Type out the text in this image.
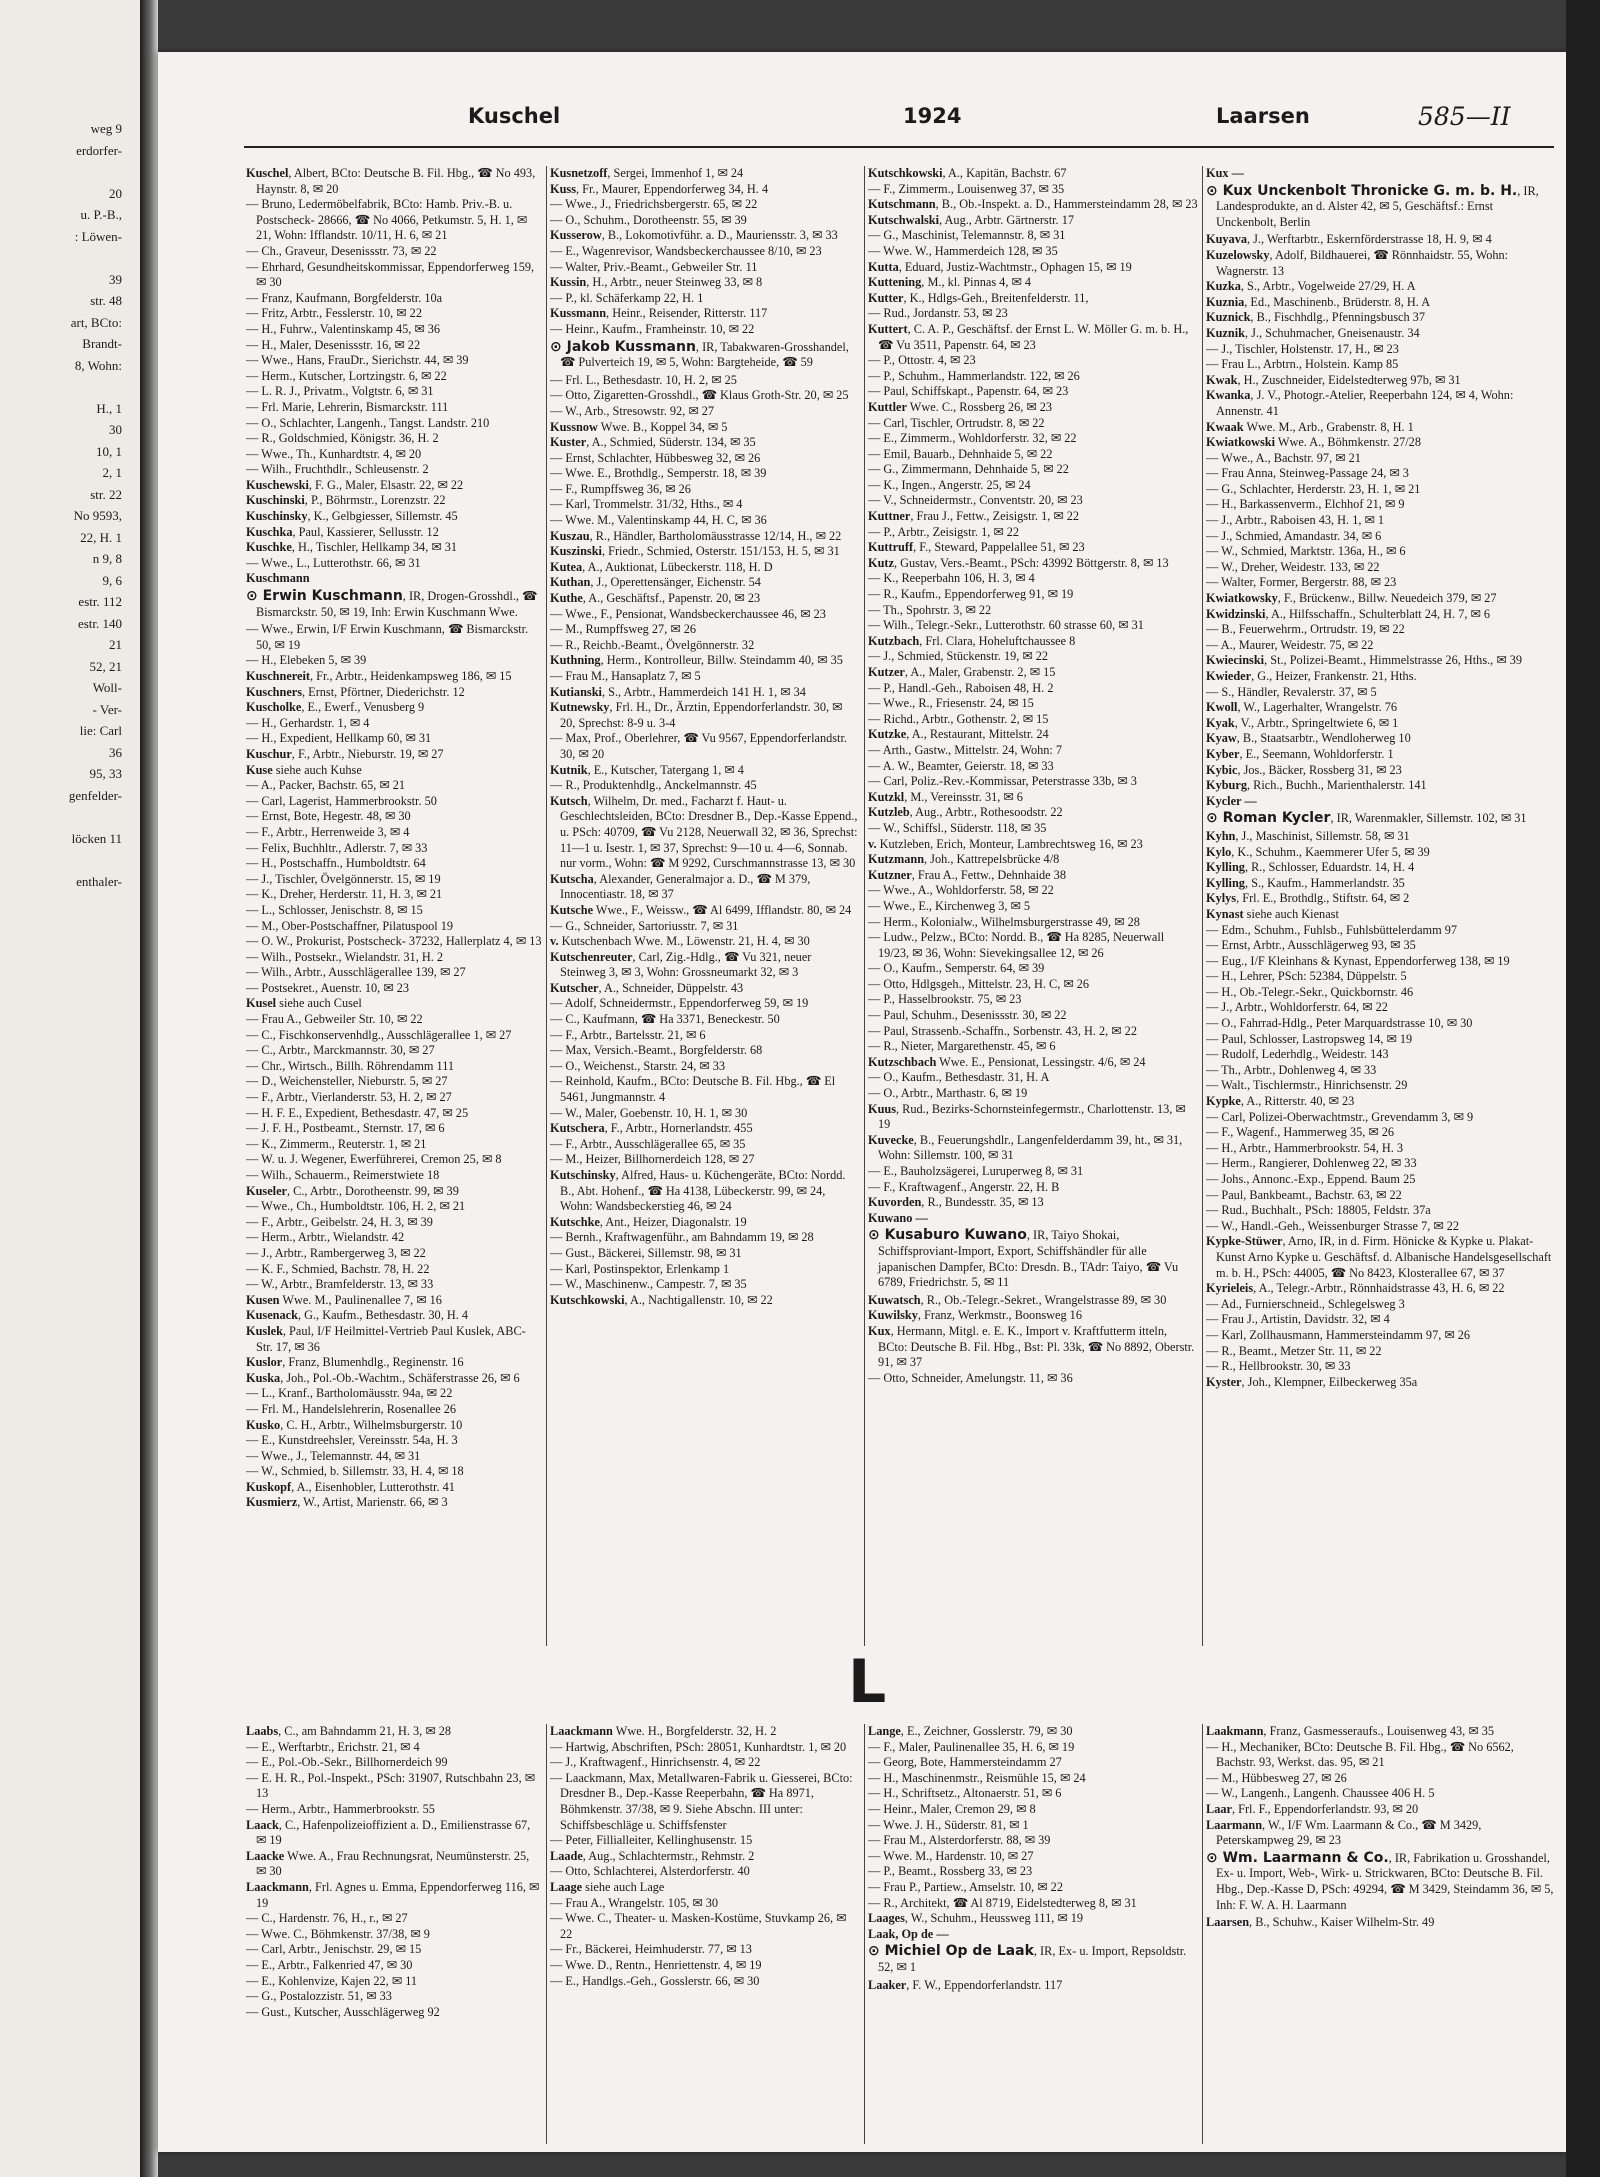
weg 9
erdorfer-

20
u. P.-B.,
: Löwen-

39
str. 48
art, BCto:
Brandt-
8, Wohn:

H., 1
30
10, 1
2, 1
str. 22
No 9593,
22, H. 1
n 9, 8
9, 6
estr. 112
estr. 140
21
52, 21
Woll-
- Ver-
lie: Carl
36
95, 33
genfelder-

löcken 11

enthaler-
Kuschel	1924	Laarsen	585—II

Kuschel, Albert, BCto: Deutsche B. Fil. Hbg., ☎ No 493, Haynstr. 8, ✉ 20

— Bruno, Ledermöbelfabrik, BCto: Hamb. Priv.-B. u. Postscheck- 28666, ☎ No 4066, Petkumstr. 5, H. 1, ✉ 21, Wohn: Ifflandstr. 10/11, H. 6, ✉ 21

— Ch., Graveur, Desenissstr. 73, ✉ 22

— Ehrhard, Gesundheitskommissar, Eppendorferweg 159, ✉ 30

— Franz, Kaufmann, Borgfelderstr. 10a

— Fritz, Arbtr., Fesslerstr. 10, ✉ 22

— H., Fuhrw., Valentinskamp 45, ✉ 36

— H., Maler, Desenissstr. 16, ✉ 22

— Wwe., Hans, FrauDr., Sierichstr. 44, ✉ 39

— Herm., Kutscher, Lortzingstr. 6, ✉ 22

— L. R. J., Privatm., Volgtstr. 6, ✉ 31

— Frl. Marie, Lehrerin, Bismarckstr. 111

— O., Schlachter, Langenh., Tangst. Landstr. 210

— R., Goldschmied, Königstr. 36, H. 2

— Wwe., Th., Kunhardtstr. 4, ✉ 20

— Wilh., Fruchthdlr., Schleusenstr. 2

Kuschewski, F. G., Maler, Elsastr. 22, ✉ 22

Kuschinski, P., Böhrmstr., Lorenzstr. 22

Kuschinsky, K., Gelbgiesser, Sillemstr. 45

Kuschka, Paul, Kassierer, Sellusstr. 12

Kuschke, H., Tischler, Hellkamp 34, ✉ 31

— Wwe., L., Lutterothstr. 66, ✉ 31

Kuschmann

⊙ Erwin Kuschmann, IR, Drogen-Grosshdl., ☎ Bismarckstr. 50, ✉ 19, Inh: Erwin Kuschmann Wwe.

— Wwe., Erwin, I/F Erwin Kuschmann, ☎ Bismarckstr. 50, ✉ 19

— H., Elebeken 5, ✉ 39

Kuschnereit, Fr., Arbtr., Heidenkampsweg 186, ✉ 15

Kuschners, Ernst, Pförtner, Diederichstr. 12

Kuscholke, E., Ewerf., Venusberg 9

— H., Gerhardstr. 1, ✉ 4

— H., Expedient, Hellkamp 60, ✉ 31

Kuschur, F., Arbtr., Nieburstr. 19, ✉ 27

Kuse siehe auch Kuhse

— A., Packer, Bachstr. 65, ✉ 21

— Carl, Lagerist, Hammerbrookstr. 50

— Ernst, Bote, Hegestr. 48, ✉ 30

— F., Arbtr., Herrenweide 3, ✉ 4

— Felix, Buchhltr., Adlerstr. 7, ✉ 33

— H., Postschaffn., Humboldtstr. 64

— J., Tischler, Övelgönnerstr. 15, ✉ 19

— K., Dreher, Herderstr. 11, H. 3, ✉ 21

— L., Schlosser, Jenischstr. 8, ✉ 15

— M., Ober-Postschaffner, Pilatuspool 19

— O. W., Prokurist, Postscheck- 37232, Hallerplatz 4, ✉ 13

— Wilh., Postsekr., Wielandstr. 31, H. 2

— Wilh., Arbtr., Ausschlägerallee 139, ✉ 27

— Postsekret., Auenstr. 10, ✉ 23

Kusel siehe auch Cusel

— Frau A., Gebweiler Str. 10, ✉ 22

— C., Fischkonservenhdlg., Ausschlägerallee 1, ✉ 27

— C., Arbtr., Marckmannstr. 30, ✉ 27

— Chr., Wirtsch., Billh. Röhrendamm 111

— D., Weichensteller, Nieburstr. 5, ✉ 27

— F., Arbtr., Vierlanderstr. 53, H. 2, ✉ 27

— H. F. E., Expedient, Bethesdastr. 47, ✉ 25

— J. F. H., Postbeamt., Sternstr. 17, ✉ 6

— K., Zimmerm., Reuterstr. 1, ✉ 21

— W. u. J. Wegener, Ewerführerei, Cremon 25, ✉ 8

— Wilh., Schauerm., Reimerstwiete 18

Kuseler, C., Arbtr., Dorotheenstr. 99, ✉ 39

— Wwe., Ch., Humboldtstr. 106, H. 2, ✉ 21

— F., Arbtr., Geibelstr. 24, H. 3, ✉ 39

— Herm., Arbtr., Wielandstr. 42

— J., Arbtr., Rambergerweg 3, ✉ 22

— K. F., Schmied, Bachstr. 78, H. 22

— W., Arbtr., Bramfelderstr. 13, ✉ 33

Kusen Wwe. M., Paulinenallee 7, ✉ 16

Kusenack, G., Kaufm., Bethesdastr. 30, H. 4

Kuslek, Paul, I/F Heilmittel-Vertrieb Paul Kuslek, ABC-Str. 17, ✉ 36

Kuslor, Franz, Blumenhdlg., Reginenstr. 16

Kuska, Joh., Pol.-Ob.-Wachtm., Schäferstrasse 26, ✉ 6

— L., Kranf., Bartholomäusstr. 94a, ✉ 22

— Frl. M., Handelslehrerin, Rosenallee 26

Kusko, C. H., Arbtr., Wilhelmsburgerstr. 10

— E., Kunstdreehsler, Vereinsstr. 54a, H. 3

— Wwe., J., Telemannstr. 44, ✉ 31

— W., Schmied, b. Sillemstr. 33, H. 4, ✉ 18

Kuskopf, A., Eisenhobler, Lutterothstr. 41

Kusmierz, W., Artist, Marienstr. 66, ✉ 3

Kusnetzoff, Sergei, Immenhof 1, ✉ 24

Kuss, Fr., Maurer, Eppendorferweg 34, H. 4

— Wwe., J., Friedrichsbergerstr. 65, ✉ 22

— O., Schuhm., Dorotheenstr. 55, ✉ 39

Kusserow, B., Lokomotivführ. a. D., Mauriensstr. 3, ✉ 33

— E., Wagenrevisor, Wandsbeckerchaussee 8/10, ✉ 23

— Walter, Priv.-Beamt., Gebweiler Str. 11

Kussin, H., Arbtr., neuer Steinweg 33, ✉ 8

— P., kl. Schäferkamp 22, H. 1

Kussmann, Heinr., Reisender, Ritterstr. 117

— Heinr., Kaufm., Framheinstr. 10, ✉ 22

⊙ Jakob Kussmann, IR, Tabakwaren-Grosshandel, ☎ Pulverteich 19, ✉ 5, Wohn: Bargteheide, ☎ 59

— Frl. L., Bethesdastr. 10, H. 2, ✉ 25

— Otto, Zigaretten-Grosshdl., ☎ Klaus Groth-Str. 20, ✉ 25

— W., Arb., Stresowstr. 92, ✉ 27

Kussnow Wwe. B., Koppel 34, ✉ 5

Kuster, A., Schmied, Süderstr. 134, ✉ 35

— Ernst, Schlachter, Hübbesweg 32, ✉ 26

— Wwe. E., Brothdlg., Semperstr. 18, ✉ 39

— F., Rumpffsweg 36, ✉ 26

— Karl, Trommelstr. 31/32, Hths., ✉ 4

— Wwe. M., Valentinskamp 44, H. C, ✉ 36

Kuszau, R., Händler, Bartholomäusstrasse 12/14, H., ✉ 22

Kuszinski, Friedr., Schmied, Osterstr. 151/153, H. 5, ✉ 31

Kutea, A., Auktionat, Lübeckerstr. 118, H. D

Kuthan, J., Operettensänger, Eichenstr. 54

Kuthe, A., Geschäftsf., Papenstr. 20, ✉ 23

— Wwe., F., Pensionat, Wandsbeckerchaussee 46, ✉ 23

— M., Rumpffsweg 27, ✉ 26

— R., Reichb.-Beamt., Övelgönnerstr. 32

Kuthning, Herm., Kontrolleur, Billw. Steindamm 40, ✉ 35

— Frau M., Hansaplatz 7, ✉ 5

Kutianski, S., Arbtr., Hammerdeich 141 H. 1, ✉ 34

Kutnewsky, Frl. H., Dr., Ärztin, Eppendorferlandstr. 30, ✉ 20, Sprechst: 8-9 u. 3-4

— Max, Prof., Oberlehrer, ☎ Vu 9567, Eppendorferlandstr. 30, ✉ 20

Kutnik, E., Kutscher, Tatergang 1, ✉ 4

— R., Produktenhdlg., Anckelmannstr. 45

Kutsch, Wilhelm, Dr. med., Facharzt f. Haut- u. Geschlechtsleiden, BCto: Dresdner B., Dep.-Kasse Eppend., u. PSch: 40709, ☎ Vu 2128, Neuerwall 32, ✉ 36, Sprechst: 11—1 u. Isestr. 1, ✉ 37, Sprechst: 9—10 u. 4—6, Sonnab. nur vorm., Wohn: ☎ M 9292, Curschmannstrasse 13, ✉ 30

Kutscha, Alexander, Generalmajor a. D., ☎ M 379, Innocentiastr. 18, ✉ 37

Kutsche Wwe., F., Weissw., ☎ Al 6499, Ifflandstr. 80, ✉ 24

— G., Schneider, Sartoriusstr. 7, ✉ 31

v. Kutschenbach Wwe. M., Löwenstr. 21, H. 4, ✉ 30

Kutschenreuter, Carl, Zig.-Hdlg., ☎ Vu 321, neuer Steinweg 3, ✉ 3, Wohn: Grossneumarkt 32, ✉ 3

Kutscher, A., Schneider, Düppelstr. 43

— Adolf, Schneidermstr., Eppendorferweg 59, ✉ 19

— C., Kaufmann, ☎ Ha 3371, Beneckestr. 50

— F., Arbtr., Bartelsstr. 21, ✉ 6

— Max, Versich.-Beamt., Borgfelderstr. 68

— O., Weichenst., Starstr. 24, ✉ 33

— Reinhold, Kaufm., BCto: Deutsche B. Fil. Hbg., ☎ El 5461, Jungmannstr. 4

— W., Maler, Goebenstr. 10, H. 1, ✉ 30

Kutschera, F., Arbtr., Hornerlandstr. 455

— F., Arbtr., Ausschlägerallee 65, ✉ 35

— M., Heizer, Billhornerdeich 128, ✉ 27

Kutschinsky, Alfred, Haus- u. Küchengeräte, BCto: Nordd. B., Abt. Hohenf., ☎ Ha 4138, Lübeckerstr. 99, ✉ 24, Wohn: Wandsbeckerstieg 46, ✉ 24

Kutschke, Ant., Heizer, Diagonalstr. 19

— Bernh., Kraftwagenführ., am Bahndamm 19, ✉ 28

— Gust., Bäckerei, Sillemstr. 98, ✉ 31

— Karl, Postinspektor, Erlenkamp 1

— W., Maschinenw., Campestr. 7, ✉ 35

Kutschkowski, A., Nachtigallenstr. 10, ✉ 22

Kutschkowski, A., Kapitän, Bachstr. 67

— F., Zimmerm., Louisenweg 37, ✉ 35

Kutschmann, B., Ob.-Inspekt. a. D., Hammersteindamm 28, ✉ 23

Kutschwalski, Aug., Arbtr. Gärtnerstr. 17

— G., Maschinist, Telemannstr. 8, ✉ 31

— Wwe. W., Hammerdeich 128, ✉ 35

Kutta, Eduard, Justiz-Wachtmstr., Ophagen 15, ✉ 19

Kuttening, M., kl. Pinnas 4, ✉ 4

Kutter, K., Hdlgs-Geh., Breitenfelderstr. 11,

— Rud., Jordanstr. 53, ✉ 23

Kuttert, C. A. P., Geschäftsf. der Ernst L. W. Möller G. m. b. H., ☎ Vu 3511, Papenstr. 64, ✉ 23

— P., Ottostr. 4, ✉ 23

— P., Schuhm., Hammerlandstr. 122, ✉ 26

— Paul, Schiffskapt., Papenstr. 64, ✉ 23

Kuttler Wwe. C., Rossberg 26, ✉ 23

— Carl, Tischler, Ortrudstr. 8, ✉ 22

— E., Zimmerm., Wohldorferstr. 32, ✉ 22

— Emil, Bauarb., Dehnhaide 5, ✉ 22

— G., Zimmermann, Dehnhaide 5, ✉ 22

— K., Ingen., Angerstr. 25, ✉ 24

— V., Schneidermstr., Conventstr. 20, ✉ 23

Kuttner, Frau J., Fettw., Zeisigstr. 1, ✉ 22

— P., Arbtr., Zeisigstr. 1, ✉ 22

Kuttruff, F., Steward, Pappelallee 51, ✉ 23

Kutz, Gustav, Vers.-Beamt., PSch: 43992 Böttgerstr. 8, ✉ 13

— K., Reeperbahn 106, H. 3, ✉ 4

— R., Kaufm., Eppendorferweg 91, ✉ 19

— Th., Spohrstr. 3, ✉ 22

— Wilh., Telegr.-Sekr., Lutterothstr. 60 strasse 60, ✉ 31

Kutzbach, Frl. Clara, Hoheluftchaussee 8

— J., Schmied, Stückenstr. 19, ✉ 22

Kutzer, A., Maler, Grabenstr. 2, ✉ 15

— P., Handl.-Geh., Raboisen 48, H. 2

— Wwe., R., Friesenstr. 24, ✉ 15

— Richd., Arbtr., Gothenstr. 2, ✉ 15

Kutzke, A., Restaurant, Mittelstr. 24

— Arth., Gastw., Mittelstr. 24, Wohn: 7

— A. W., Beamter, Geierstr. 18, ✉ 33

— Carl, Poliz.-Rev.-Kommissar, Peterstrasse 33b, ✉ 3

Kutzkl, M., Vereinsstr. 31, ✉ 6

Kutzleb, Aug., Arbtr., Rothesoodstr. 22

— W., Schiffsl., Süderstr. 118, ✉ 35

v. Kutzleben, Erich, Monteur, Lambrechtsweg 16, ✉ 23

Kutzmann, Joh., Kattrepelsbrücke 4/8

Kutzner, Frau A., Fettw., Dehnhaide 38

— Wwe., A., Wohldorferstr. 58, ✉ 22

— Wwe., E., Kirchenweg 3, ✉ 5

— Herm., Kolonialw., Wilhelmsburgerstrasse 49, ✉ 28

— Ludw., Pelzw., BCto: Nordd. B., ☎ Ha 8285, Neuerwall 19/23, ✉ 36, Wohn: Sievekingsallee 12, ✉ 26

— O., Kaufm., Semperstr. 64, ✉ 39

— Otto, Hdlgsgeh., Mittelstr. 23, H. C, ✉ 26

— P., Hasselbrookstr. 75, ✉ 23

— Paul, Schuhm., Desenissstr. 30, ✉ 22

— Paul, Strassenb.-Schaffn., Sorbenstr. 43, H. 2, ✉ 22

— R., Nieter, Margarethenstr. 45, ✉ 6

Kutzschbach Wwe. E., Pensionat, Lessingstr. 4/6, ✉ 24

— O., Kaufm., Bethesdastr. 31, H. A

— O., Arbtr., Marthastr. 6, ✉ 19

Kuus, Rud., Bezirks-Schornsteinfegermstr., Charlottenstr. 13, ✉ 19

Kuvecke, B., Feuerungshdlr., Langenfelderdamm 39, ht., ✉ 31, Wohn: Sillemstr. 100, ✉ 31

— E., Bauholzsägerei, Luruperweg 8, ✉ 31

— F., Kraftwagenf., Angerstr. 22, H. B

Kuvorden, R., Bundesstr. 35, ✉ 13

Kuwano —

⊙ Kusaburo Kuwano, IR, Taiyo Shokai, Schiffsproviant-Import, Export, Schiffshändler für alle japanischen Dampfer, BCto: Dresdn. B., TAdr: Taiyo, ☎ Vu 6789, Friedrichstr. 5, ✉ 11

Kuwatsch, R., Ob.-Telegr.-Sekret., Wrangelstrasse 89, ✉ 30

Kuwilsky, Franz, Werkmstr., Boonsweg 16

Kux, Hermann, Mitgl. e. E. K., Import v. Kraftfutterm itteln, BCto: Deutsche B. Fil. Hbg., Bst: Pl. 33k, ☎ No 8892, Oberstr. 91, ✉ 37

— Otto, Schneider, Amelungstr. 11, ✉ 36

Kux —

⊙ Kux Unckenbolt Thronicke G. m. b. H., IR, Landesprodukte, an d. Alster 42, ✉ 5, Geschäftsf.: Ernst Unckenbolt, Berlin

Kuyava, J., Werftarbtr., Eskernförderstrasse 18, H. 9, ✉ 4

Kuzelowsky, Adolf, Bildhauerei, ☎ Rönnhaidstr. 55, Wohn: Wagnerstr. 13

Kuzka, S., Arbtr., Vogelweide 27/29, H. A

Kuznia, Ed., Maschinenb., Brüderstr. 8, H. A

Kuznick, B., Fischhdlg., Pfenningsbusch 37

Kuznik, J., Schuhmacher, Gneisenaustr. 34

— J., Tischler, Holstenstr. 17, H., ✉ 23

— Frau L., Arbtrn., Holstein. Kamp 85

Kwak, H., Zuschneider, Eidelstedterweg 97b, ✉ 31

Kwanka, J. V., Photogr.-Atelier, Reeperbahn 124, ✉ 4, Wohn: Annenstr. 41

Kwaak Wwe. M., Arb., Grabenstr. 8, H. 1

Kwiatkowski Wwe. A., Böhmkenstr. 27/28

— Wwe., A., Bachstr. 97, ✉ 21

— Frau Anna, Steinweg-Passage 24, ✉ 3

— G., Schlachter, Herderstr. 23, H. 1, ✉ 21

— H., Barkassenverm., Elchhof 21, ✉ 9

— J., Arbtr., Raboisen 43, H. 1, ✉ 1

— J., Schmied, Amandastr. 34, ✉ 6

— W., Schmied, Marktstr. 136a, H., ✉ 6

— W., Dreher, Weidestr. 133, ✉ 22

— Walter, Former, Bergerstr. 88, ✉ 23

Kwiatkowsky, F., Brückenw., Billw. Neuedeich 379, ✉ 27

Kwidzinski, A., Hilfsschaffn., Schulterblatt 24, H. 7, ✉ 6

— B., Feuerwehrm., Ortrudstr. 19, ✉ 22

— A., Maurer, Weidestr. 75, ✉ 22

Kwiecinski, St., Polizei-Beamt., Himmelstrasse 26, Hths., ✉ 39

Kwieder, G., Heizer, Frankenstr. 21, Hths.

— S., Händler, Revalerstr. 37, ✉ 5

Kwoll, W., Lagerhalter, Wrangelstr. 76

Kyak, V., Arbtr., Springeltwiete 6, ✉ 1

Kyaw, B., Staatsarbtr., Wendloherweg 10

Kyber, E., Seemann, Wohldorferstr. 1

Kybic, Jos., Bäcker, Rossberg 31, ✉ 23

Kyburg, Rich., Buchh., Marienthalerstr. 141

Kycler —

⊙ Roman Kycler, IR, Warenmakler, Sillemstr. 102, ✉ 31

Kyhn, J., Maschinist, Sillemstr. 58, ✉ 31

Kylo, K., Schuhm., Kaemmerer Ufer 5, ✉ 39

Kylling, R., Schlosser, Eduardstr. 14, H. 4

Kylling, S., Kaufm., Hammerlandstr. 35

Kylys, Frl. E., Brothdlg., Stiftstr. 64, ✉ 2

Kynast siehe auch Kienast

— Edm., Schuhm., Fuhlsb., Fuhlsbüttelerdamm 97

— Ernst, Arbtr., Ausschlägerweg 93, ✉ 35

— Eug., I/F Kleinhans & Kynast, Eppendorferweg 138, ✉ 19

— H., Lehrer, PSch: 52384, Düppelstr. 5

— H., Ob.-Telegr.-Sekr., Quickbornstr. 46

— J., Arbtr., Wohldorferstr. 64, ✉ 22

— O., Fahrrad-Hdlg., Peter Marquardstrasse 10, ✉ 30

— Paul, Schlosser, Lastropsweg 14, ✉ 19

— Rudolf, Lederhdlg., Weidestr. 143

— Th., Arbtr., Dohlenweg 4, ✉ 33

— Walt., Tischlermstr., Hinrichsenstr. 29

Kypke, A., Ritterstr. 40, ✉ 23

— Carl, Polizei-Oberwachtmstr., Grevendamm 3, ✉ 9

— F., Wagenf., Hammerweg 35, ✉ 26

— H., Arbtr., Hammerbrookstr. 54, H. 3

— Herm., Rangierer, Dohlenweg 22, ✉ 33

— Johs., Annonc.-Exp., Eppend. Baum 25

— Paul, Bankbeamt., Bachstr. 63, ✉ 22

— Rud., Buchhalt., PSch: 18805, Feldstr. 37a

— W., Handl.-Geh., Weissenburger Strasse 7, ✉ 22

Kypke-Stüwer, Arno, IR, in d. Firm. Hönicke & Kypke u. Plakat-Kunst Arno Kypke u. Geschäftsf. d. Albanische Handelsgesellschaft m. b. H., PSch: 44005, ☎ No 8423, Klosterallee 67, ✉ 37

Kyrieleis, A., Telegr.-Arbtr., Rönnhaidstrasse 43, H. 6, ✉ 22

— Ad., Furnierschneid., Schlegelsweg 3

— Frau J., Artistin, Davidstr. 32, ✉ 4

— Karl, Zollhausmann, Hammersteindamm 97, ✉ 26

— R., Beamt., Metzer Str. 11, ✉ 22

— R., Hellbrookstr. 30, ✉ 33

Kyster, Joh., Klempner, Eilbeckerweg 35a

L

Laabs, C., am Bahndamm 21, H. 3, ✉ 28

— E., Werftarbtr., Erichstr. 21, ✉ 4

— E., Pol.-Ob.-Sekr., Billhornerdeich 99

— E. H. R., Pol.-Inspekt., PSch: 31907, Rutschbahn 23, ✉ 13

— Herm., Arbtr., Hammerbrookstr. 55

Laack, C., Hafenpolizeioffizient a. D., Emilienstrasse 67, ✉ 19

Laacke Wwe. A., Frau Rechnungsrat, Neumünsterstr. 25, ✉ 30

Laackmann, Frl. Agnes u. Emma, Eppendorferweg 116, ✉ 19

— C., Hardenstr. 76, H., r., ✉ 27

— Wwe. C., Böhmkenstr. 37/38, ✉ 9

— Carl, Arbtr., Jenischstr. 29, ✉ 15

— E., Arbtr., Falkenried 47, ✉ 30

— E., Kohlenvize, Kajen 22, ✉ 11

— G., Postalozzistr. 51, ✉ 33

— Gust., Kutscher, Ausschlägerweg 92

Laackmann Wwe. H., Borgfelderstr. 32, H. 2

— Hartwig, Abschriften, PSch: 28051, Kunhardtstr. 1, ✉ 20

— J., Kraftwagenf., Hinrichsenstr. 4, ✉ 22

— Laackmann, Max, Metallwaren-Fabrik u. Giesserei, BCto: Dresdner B., Dep.-Kasse Reeperbahn, ☎ Ha 8971, Böhmkenstr. 37/38, ✉ 9. Siehe Abschn. III unter: Schiffsbeschläge u. Schiffsfenster

— Peter, Fillialleiter, Kellinghusenstr. 15

Laade, Aug., Schlachtermstr., Rehmstr. 2

— Otto, Schlachterei, Alsterdorferstr. 40

Laage siehe auch Lage

— Frau A., Wrangelstr. 105, ✉ 30

— Wwe. C., Theater- u. Masken-Kostüme, Stuvkamp 26, ✉ 22

— Fr., Bäckerei, Heimhuderstr. 77, ✉ 13

— Wwe. D., Rentn., Henriettenstr. 4, ✉ 19

— E., Handlgs.-Geh., Gosslerstr. 66, ✉ 30

Lange, E., Zeichner, Gosslerstr. 79, ✉ 30

— F., Maler, Paulinenallee 35, H. 6, ✉ 19

— Georg, Bote, Hammersteindamm 27

— H., Maschinenmstr., Reismühle 15, ✉ 24

— H., Schriftsetz., Altonaerstr. 51, ✉ 6

— Heinr., Maler, Cremon 29, ✉ 8

— Wwe. J. H., Süderstr. 81, ✉ 1

— Frau M., Alsterdorferstr. 88, ✉ 39

— Wwe. M., Hardenstr. 10, ✉ 27

— P., Beamt., Rossberg 33, ✉ 23

— Frau P., Partiew., Amselstr. 10, ✉ 22

— R., Architekt, ☎ Al 8719, Eidelstedterweg 8, ✉ 31

Laages, W., Schuhm., Heussweg 111, ✉ 19

Laak, Op de —

⊙ Michiel Op de Laak, IR, Ex- u. Import, Repsoldstr. 52, ✉ 1

Laaker, F. W., Eppendorferlandstr. 117

Laakmann, Franz, Gasmesseraufs., Louisenweg 43, ✉ 35

— H., Mechaniker, BCto: Deutsche B. Fil. Hbg., ☎ No 6562, Bachstr. 93, Werkst. das. 95, ✉ 21

— M., Hübbesweg 27, ✉ 26

— W., Langenh., Langenh. Chaussee 406 H. 5

Laar, Frl. F., Eppendorferlandstr. 93, ✉ 20

Laarmann, W., I/F Wm. Laarmann & Co., ☎ M 3429, Peterskampweg 29, ✉ 23

⊙ Wm. Laarmann & Co., IR, Fabrikation u. Grosshandel, Ex- u. Import, Web-, Wirk- u. Strickwaren, BCto: Deutsche B. Fil. Hbg., Dep.-Kasse D, PSch: 49294, ☎ M 3429, Steindamm 36, ✉ 5, Inh: F. W. A. H. Laarmann

Laarsen, B., Schuhw., Kaiser Wilhelm-Str. 49
